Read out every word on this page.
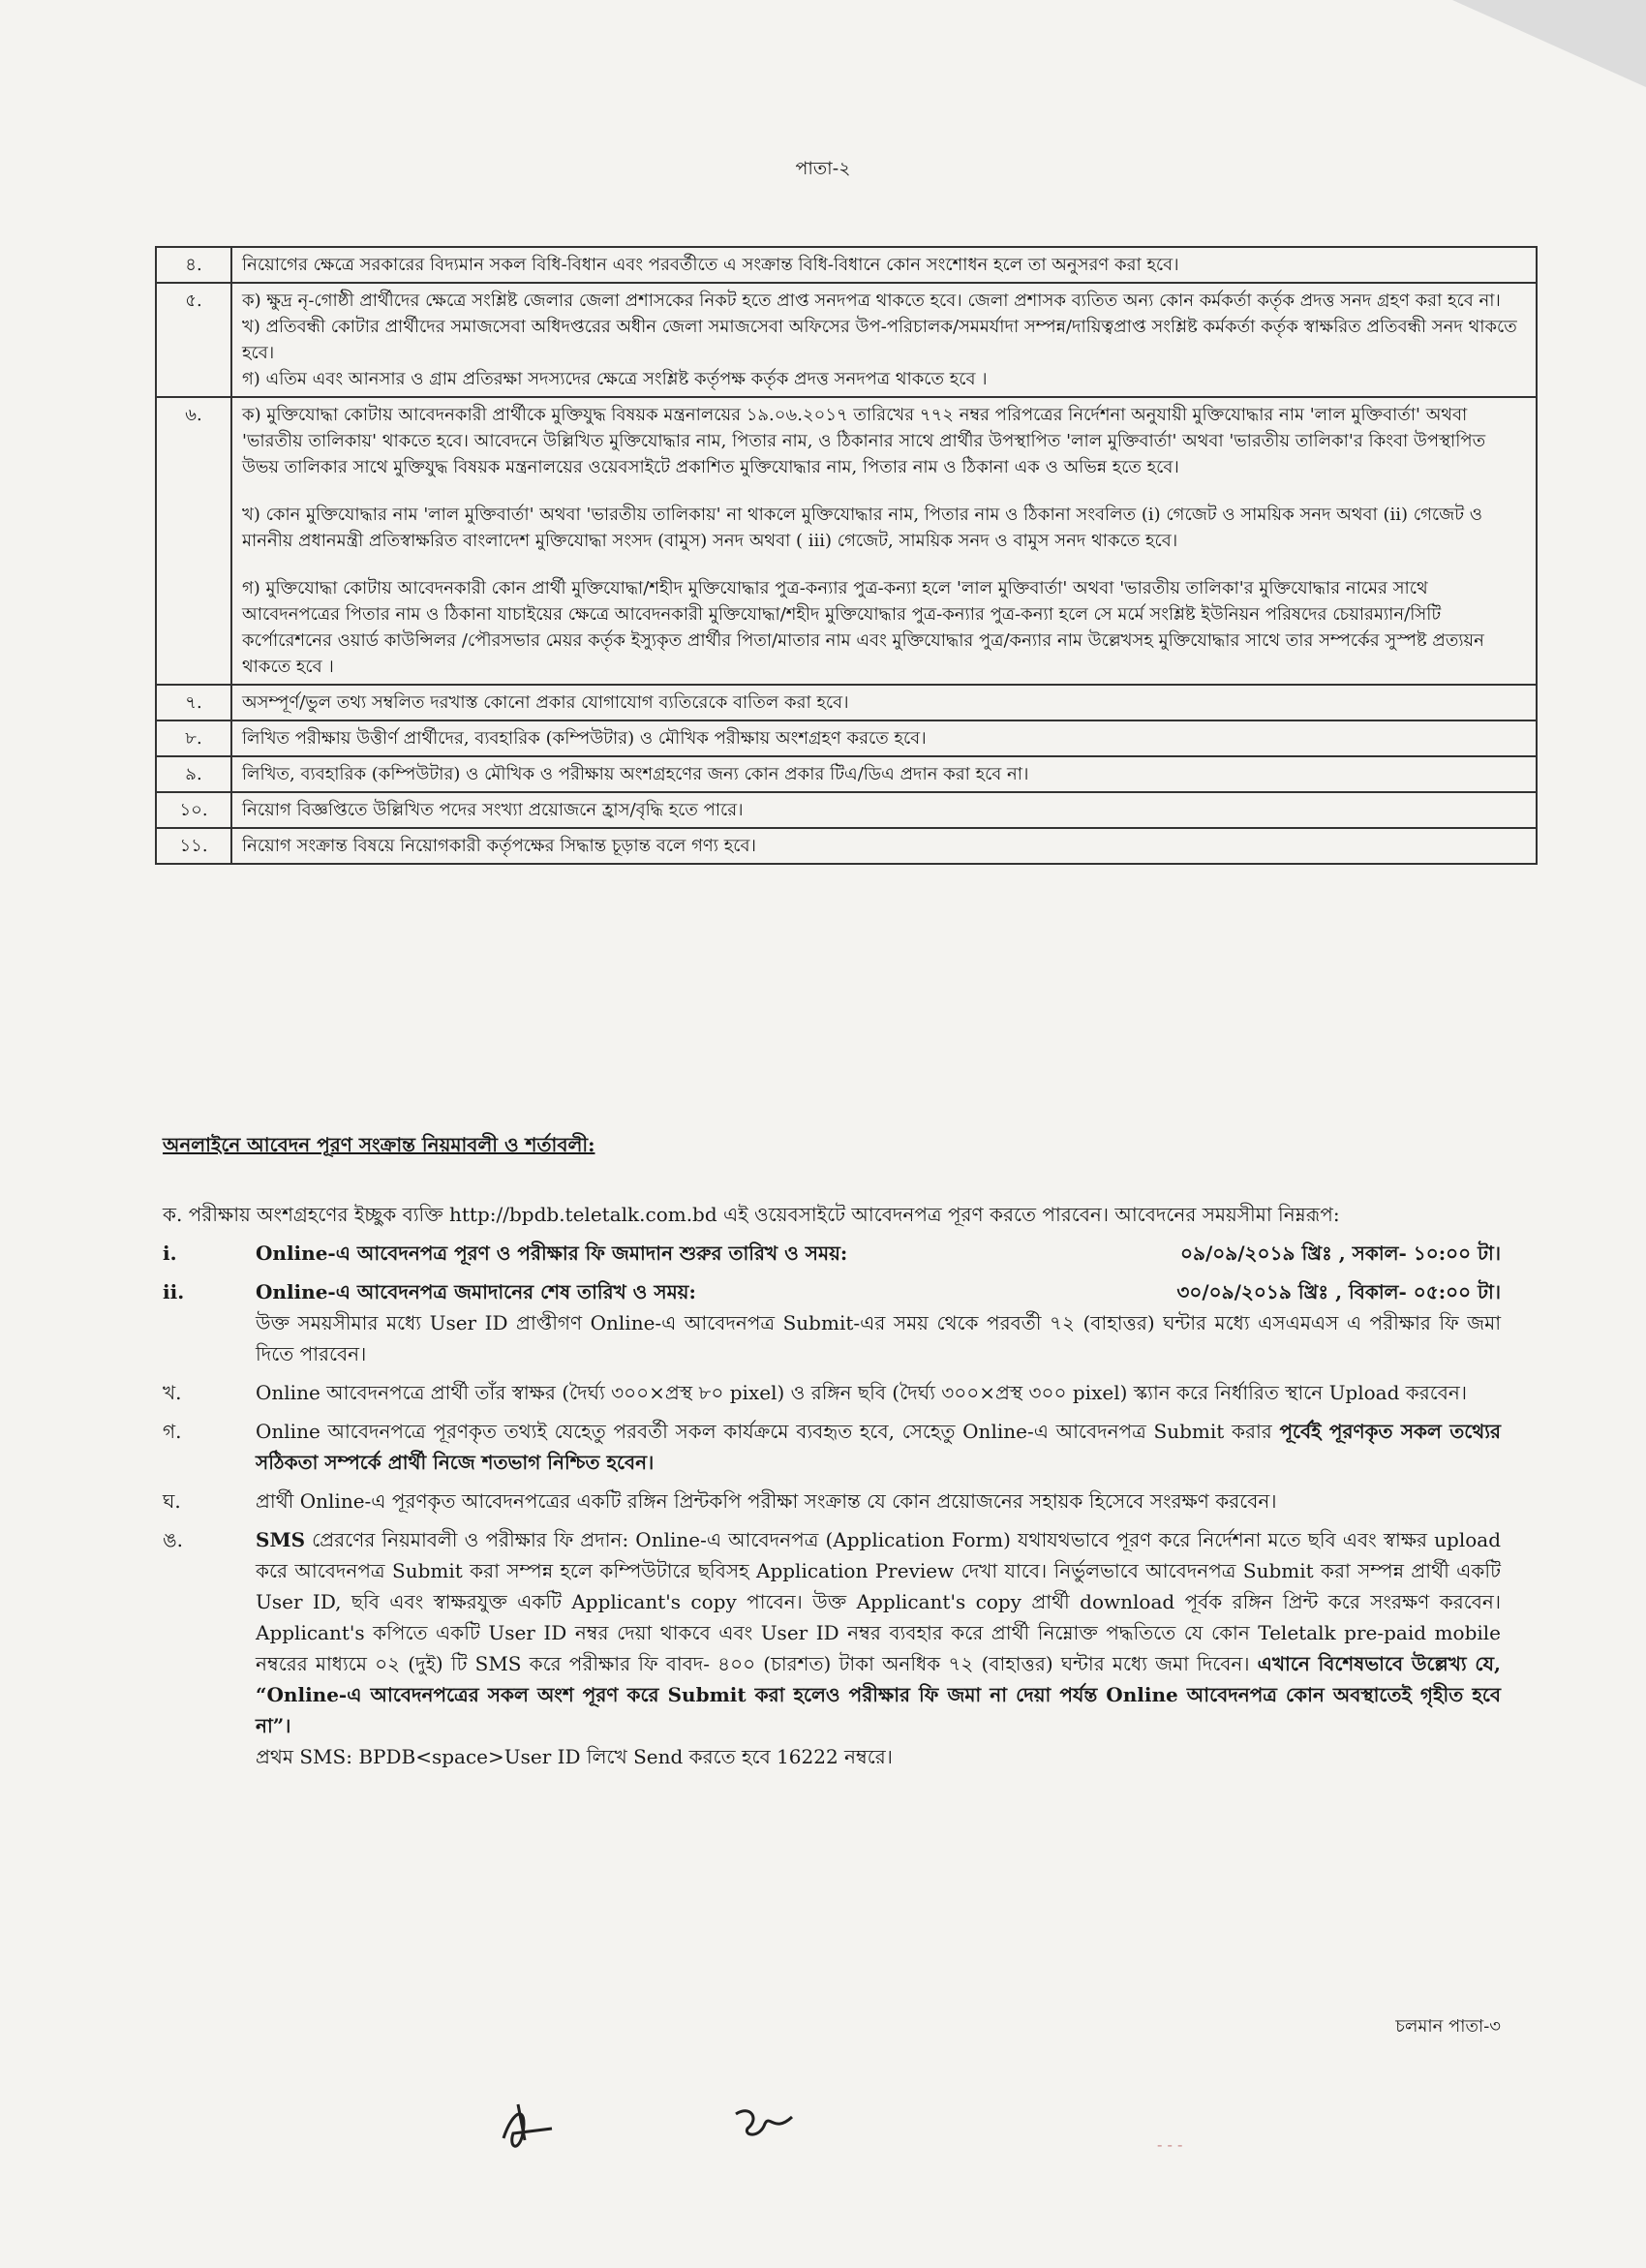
পাতা-২
৪.	নিয়োগের ক্ষেত্রে সরকারের বিদ্যমান সকল বিধি-বিধান এবং পরবর্তীতে এ সংক্রান্ত বিধি-বিধানে কোন সংশোধন হলে তা অনুসরণ করা হবে।

৫.	ক) ক্ষুদ্র নৃ-গোষ্ঠী প্রার্থীদের ক্ষেত্রে সংশ্লিষ্ট জেলার জেলা প্রশাসকের নিকট হতে প্রাপ্ত সনদপত্র থাকতে হবে। জেলা প্রশাসক ব্যতিত অন্য কোন কর্মকর্তা কর্তৃক প্রদত্ত সনদ গ্রহণ করা হবে না।

খ) প্রতিবন্ধী কোটার প্রার্থীদের সমাজসেবা অধিদপ্তরের অধীন জেলা সমাজসেবা অফিসের উপ-পরিচালক/সমমর্যাদা সম্পন্ন/দায়িত্বপ্রাপ্ত সংশ্লিষ্ট কর্মকর্তা কর্তৃক স্বাক্ষরিত প্রতিবন্ধী সনদ থাকতে হবে।

গ) এতিম এবং আনসার ও গ্রাম প্রতিরক্ষা সদস্যদের ক্ষেত্রে সংশ্লিষ্ট কর্তৃপক্ষ কর্তৃক প্রদত্ত সনদপত্র থাকতে হবে ।

৬.	ক) মুক্তিযোদ্ধা কোটায় আবেদনকারী প্রার্থীকে মুক্তিযুদ্ধ বিষয়ক মন্ত্রনালয়ের ১৯.০৬.২০১৭ তারিখের ৭৭২ নম্বর পরিপত্রের নির্দেশনা অনুযায়ী মুক্তিযোদ্ধার নাম 'লাল মুক্তিবার্তা' অথবা 'ভারতীয় তালিকায়' থাকতে হবে। আবেদনে উল্লিখিত মুক্তিযোদ্ধার নাম, পিতার নাম, ও ঠিকানার সাথে প্রার্থীর উপস্থাপিত 'লাল মুক্তিবার্তা' অথবা 'ভারতীয় তালিকা'র কিংবা উপস্থাপিত উভয় তালিকার সাথে মুক্তিযুদ্ধ বিষয়ক মন্ত্রনালয়ের ওয়েবসাইটে প্রকাশিত মুক্তিযোদ্ধার নাম, পিতার নাম ও ঠিকানা এক ও অভিন্ন হতে হবে।

খ) কোন মুক্তিযোদ্ধার নাম 'লাল মুক্তিবার্তা' অথবা 'ভারতীয় তালিকায়' না থাকলে মুক্তিযোদ্ধার নাম, পিতার নাম ও ঠিকানা সংবলিত (i) গেজেট ও সাময়িক সনদ অথবা (ii) গেজেট ও মাননীয় প্রধানমন্ত্রী প্রতিস্বাক্ষরিত বাংলাদেশ মুক্তিযোদ্ধা সংসদ (বামুস) সনদ অথবা ( iii) গেজেট, সাময়িক সনদ ও বামুস সনদ থাকতে হবে।

গ) মুক্তিযোদ্ধা কোটায় আবেদনকারী কোন প্রার্থী মুক্তিযোদ্ধা/শহীদ মুক্তিযোদ্ধার পুত্র-কন্যার পুত্র-কন্যা হলে 'লাল মুক্তিবার্তা' অথবা 'ভারতীয় তালিকা'র মুক্তিযোদ্ধার নামের সাথে আবেদনপত্রের পিতার নাম ও ঠিকানা যাচাইয়ের ক্ষেত্রে আবেদনকারী মুক্তিযোদ্ধা/শহীদ মুক্তিযোদ্ধার পুত্র-কন্যার পুত্র-কন্যা হলে সে মর্মে সংশ্লিষ্ট ইউনিয়ন পরিষদের চেয়ারম্যান/সিটি কর্পোরেশনের ওয়ার্ড কাউন্সিলর /পৌরসভার মেয়র কর্তৃক ইস্যুকৃত প্রার্থীর পিতা/মাতার নাম এবং মুক্তিযোদ্ধার পুত্র/কন্যার নাম উল্লেখসহ মুক্তিযোদ্ধার সাথে তার সম্পর্কের সুস্পষ্ট প্রত্যয়ন থাকতে হবে ।

৭.	অসম্পূর্ণ/ভুল তথ্য সম্বলিত দরখাস্ত কোনো প্রকার যোগাযোগ ব্যতিরেকে বাতিল করা হবে।

৮.	লিখিত পরীক্ষায় উত্তীর্ণ প্রার্থীদের, ব্যবহারিক (কম্পিউটার) ও মৌখিক পরীক্ষায় অংশগ্রহণ করতে হবে।

৯.	লিখিত, ব্যবহারিক (কম্পিউটার) ও মৌখিক ও পরীক্ষায় অংশগ্রহণের জন্য কোন প্রকার টিএ/ডিএ প্রদান করা হবে না।

১০.	নিয়োগ বিজ্ঞপ্তিতে উল্লিখিত পদের সংখ্যা প্রয়োজনে হ্রাস/বৃদ্ধি হতে পারে।

১১.	নিয়োগ সংক্রান্ত বিষয়ে নিয়োগকারী কর্তৃপক্ষের সিদ্ধান্ত চূড়ান্ত বলে গণ্য হবে।

অনলাইনে আবেদন পূরণ সংক্রান্ত নিয়মাবলী ও শর্তাবলী:

ক. পরীক্ষায় অংশগ্রহণের ইচ্ছুক ব্যক্তি http://bpdb.teletalk.com.bd এই ওয়েবসাইটে আবেদনপত্র পূরণ করতে পারবেন। আবেদনের সময়সীমা নিম্নরূপ:

i.	Online-এ আবেদনপত্র পূরণ ও পরীক্ষার ফি জমাদান শুরুর তারিখ ও সময়:	০৯/০৯/২০১৯ খ্রিঃ , সকাল- ১০:০০ টা।
ii.	Online-এ আবেদনপত্র জমাদানের শেষ তারিখ ও সময়:	৩০/০৯/২০১৯ খ্রিঃ , বিকাল- ০৫:০০ টা।
উক্ত সময়সীমার মধ্যে User ID প্রাপ্তীগণ Online-এ আবেদনপত্র Submit-এর সময় থেকে পরবর্তী ৭২ (বাহাত্তর) ঘন্টার মধ্যে এসএমএস এ পরীক্ষার ফি জমা দিতে পারবেন।
খ.	Online আবেদনপত্রে প্রার্থী তাঁর স্বাক্ষর (দৈর্ঘ্য ৩০০×প্রস্থ ৮০ pixel) ও রঙ্গিন ছবি (দৈর্ঘ্য ৩০০×প্রস্থ ৩০০ pixel) স্ক্যান করে নির্ধারিত স্থানে Upload করবেন।
গ.	Online আবেদনপত্রে পূরণকৃত তথ্যই যেহেতু পরবর্তী সকল কার্যক্রমে ব্যবহৃত হবে, সেহেতু Online-এ আবেদনপত্র Submit করার পূর্বেই পূরণকৃত সকল তথ্যের সঠিকতা সম্পর্কে প্রার্থী নিজে শতভাগ নিশ্চিত হবেন।
ঘ.	প্রার্থী Online-এ পূরণকৃত আবেদনপত্রের একটি রঙ্গিন প্রিন্টকপি পরীক্ষা সংক্রান্ত যে কোন প্রয়োজনের সহায়ক হিসেবে সংরক্ষণ করবেন।
ঙ.	SMS প্রেরণের নিয়মাবলী ও পরীক্ষার ফি প্রদান: Online-এ আবেদনপত্র (Application Form) যথাযথভাবে পূরণ করে নির্দেশনা মতে ছবি এবং স্বাক্ষর upload করে আবেদনপত্র Submit করা সম্পন্ন হলে কম্পিউটারে ছবিসহ Application Preview দেখা যাবে। নির্ভুলভাবে আবেদনপত্র Submit করা সম্পন্ন প্রার্থী একটি User ID, ছবি এবং স্বাক্ষরযুক্ত একটি Applicant's copy পাবেন। উক্ত Applicant's copy প্রার্থী download পূর্বক রঙ্গিন প্রিন্ট করে সংরক্ষণ করবেন। Applicant's কপিতে একটি User ID নম্বর দেয়া থাকবে এবং User ID নম্বর ব্যবহার করে প্রার্থী নিম্নোক্ত পদ্ধতিতে যে কোন Teletalk pre-paid mobile নম্বরের মাধ্যমে ০২ (দুই) টি SMS করে পরীক্ষার ফি বাবদ- ৪০০ (চারশত) টাকা অনধিক ৭২ (বাহাত্তর) ঘন্টার মধ্যে জমা দিবেন। এখানে বিশেষভাবে উল্লেখ্য যে, “Online-এ আবেদনপত্রের সকল অংশ পূরণ করে Submit করা হলেও পরীক্ষার ফি জমা না দেয়া পর্যন্ত Online আবেদনপত্র কোন অবস্থাতেই গৃহীত হবে না”।
প্রথম SMS: BPDB<space>User ID লিখে Send করতে হবে 16222 নম্বরে।
চলমান পাতা-৩
- - -
